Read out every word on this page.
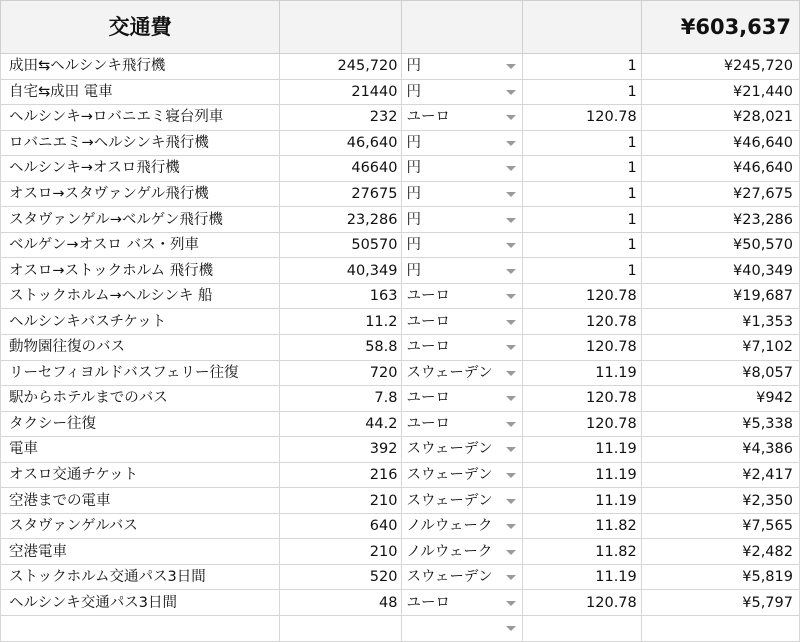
交通費				¥603,637
成田⇆ヘルシンキ飛行機	245,720	円	1	¥245,720
自宅⇆成田 電車	21440	円	1	¥21,440
ヘルシンキ→ロバニエミ寝台列車	232	ユーロ	120.78	¥28,021
ロバニエミ→ヘルシンキ飛行機	46,640	円	1	¥46,640
ヘルシンキ→オスロ飛行機	46640	円	1	¥46,640
オスロ→スタヴァンゲル飛行機	27675	円	1	¥27,675
スタヴァンゲル→ベルゲン飛行機	23,286	円	1	¥23,286
ベルゲン→オスロ バス・列車	50570	円	1	¥50,570
オスロ→ストックホルム 飛行機	40,349	円	1	¥40,349
ストックホルム→ヘルシンキ 船	163	ユーロ	120.78	¥19,687
ヘルシンキバスチケット	11.2	ユーロ	120.78	¥1,353
動物園往復のバス	58.8	ユーロ	120.78	¥7,102
リーセフィヨルドバスフェリー往復	720	スウェーデン	11.19	¥8,057
駅からホテルまでのバス	7.8	ユーロ	120.78	¥942
タクシー往復	44.2	ユーロ	120.78	¥5,338
電車	392	スウェーデン	11.19	¥4,386
オスロ交通チケット	216	スウェーデン	11.19	¥2,417
空港までの電車	210	スウェーデン	11.19	¥2,350
スタヴァンゲルバス	640	ノルウェーク	11.82	¥7,565
空港電車	210	ノルウェーク	11.82	¥2,482
ストックホルム交通パス3日間	520	スウェーデン	11.19	¥5,819
ヘルシンキ交通パス3日間	48	ユーロ	120.78	¥5,797
